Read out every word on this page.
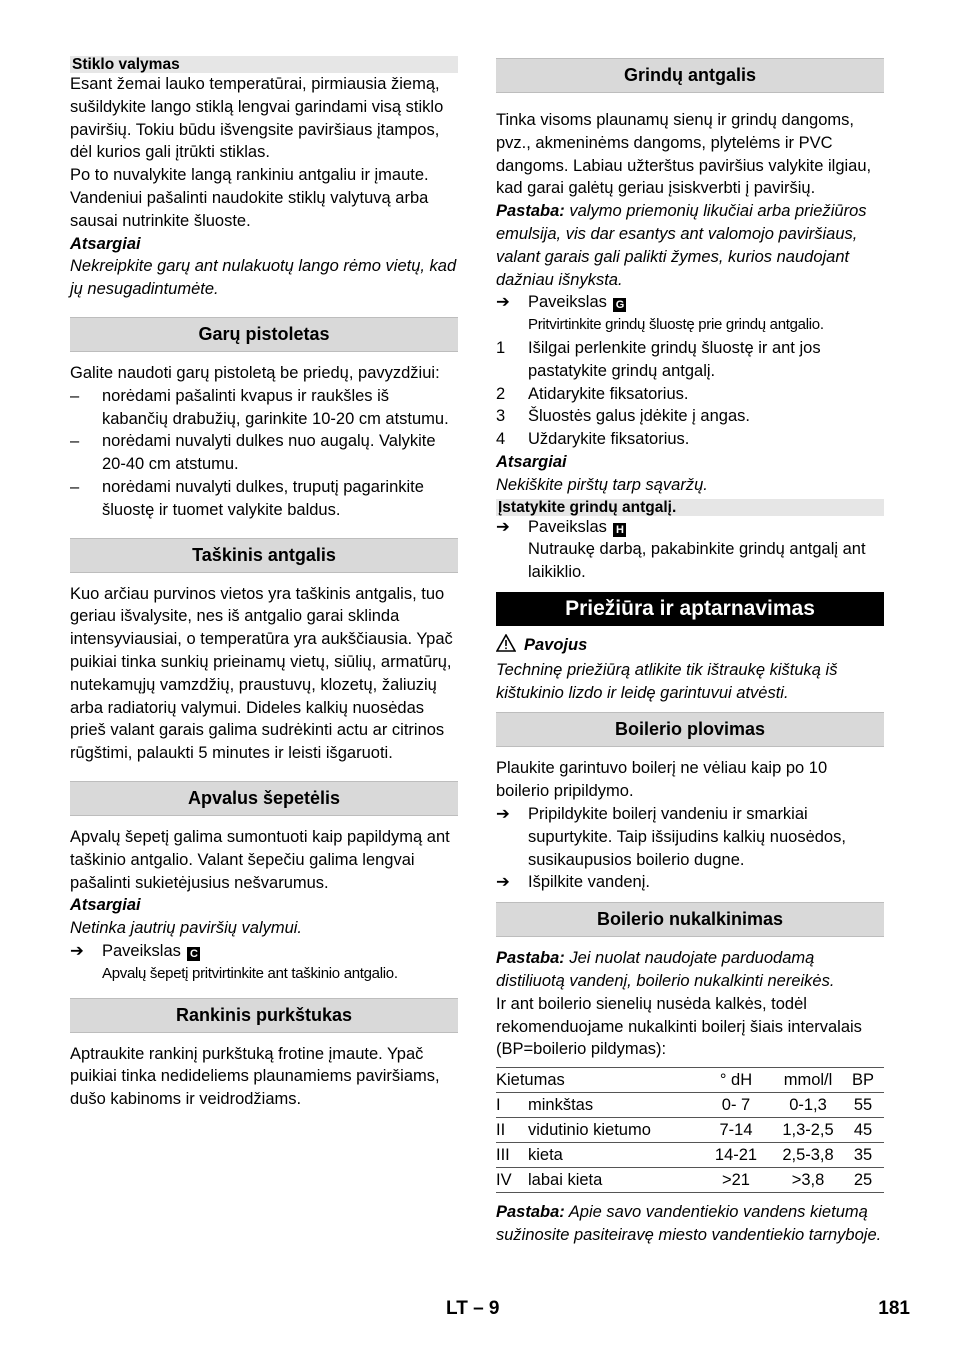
Stiklo valymas

Esant žemai lauko temperatūrai, pirmiausia žiemą, sušildykite lango stiklą lengvai garindami visą stiklo paviršių. Tokiu būdu išvengsite paviršiaus įtampos, dėl kurios gali įtrūkti stiklas.

Po to nuvalykite langą rankiniu antgaliu ir įmaute. Vandeniui pašalinti naudokite stiklų valytuvą arba sausai nutrinkite šluoste.

Atsargiai

Nekreipkite garų ant nulakuotų lango rėmo vietų, kad jų nesugadintumėte.

Garų pistoletas

Galite naudoti garų pistoletą be priedų, pavyzdžiui:

– norėdami pašalinti kvapus ir raukšles iš kabančių drabužių, garinkite 10-20 cm atstumu.
– norėdami nuvalyti dulkes nuo augalų. Valykite 20-40 cm atstumu.
– norėdami nuvalyti dulkes, truputį pagarinkite šluostę ir tuomet valykite baldus.
Taškinis antgalis

Kuo arčiau purvinos vietos yra taškinis antgalis, tuo geriau išvalysite, nes iš antgalio garai sklinda intensyviausiai, o temperatūra yra aukščiausia. Ypač puikiai tinka sunkių prieinamų vietų, siūlių, armatūrų, nutekamųjų vamzdžių, praustuvų, klozetų, žaliuzių arba radiatorių valymui. Dideles kalkių nuosėdas prieš valant garais galima sudrėkinti actu ar citrinos rūgštimi, palaukti 5 minutes ir leisti išgaruoti.

Apvalus šepetėlis

Apvalų šepetį galima sumontuoti kaip papildymą ant taškinio antgalio. Valant šepečiu galima lengvai pašalinti sukietėjusius nešvarumus.

Atsargiai

Netinka jautrių paviršių valymui.

➔ Paveikslas C
Apvalų šepetį pritvirtinkite ant taškinio antgalio.
Rankinis purkštukas

Aptraukite rankinį purkštuką frotine įmaute. Ypač puikiai tinka nedideliems plaunamiems paviršiams, dušo kabinoms ir veidrodžiams.

Grindų antgalis

Tinka visoms plaunamų sienų ir grindų dangoms, pvz., akmeninėms dangoms, plytelėms ir PVC dangoms. Labiau užterštus paviršius valykite ilgiau, kad garai galėtų geriau įsiskverbti į paviršių.

Pastaba: valymo priemonių likučiai arba priežiūros emulsija, vis dar esantys ant valomojo paviršiaus, valant garais gali palikti žymes, kurios naudojant dažniau išnyksta.

➔ Paveikslas G
Pritvirtinkite grindų šluostę prie grindų antgalio.
1 Išilgai perlenkite grindų šluostę ir ant jos pastatykite grindų antgalį.
2 Atidarykite fiksatorius.
3 Šluostės galus įdėkite į angas.
4 Uždarykite fiksatorius.

Atsargiai

Nekiškite pirštų tarp sąvaržų.

Įstatykite grindų antgalį.
➔ Paveikslas H
Nutraukę darbą, pakabinkite grindų antgalį ant laikiklio.
Priežiūra ir aptarnavimas

Pavojus

Techninę priežiūrą atlikite tik ištraukę kištuką iš kištukinio lizdo ir leidę garintuvui atvėsti.

Boilerio plovimas

Plaukite garintuvo boilerį ne vėliau kaip po 10 boilerio pripildymo.

➔ Pripildykite boilerį vandeniu ir smarkiai supurtykite. Taip išsijudins kalkių nuosėdos, susikaupusios boilerio dugne.
➔ Išpilkite vandenį.
Boilerio nukalkinimas

Pastaba: Jei nuolat naudojate parduodamą distiliuotą vandenį, boilerio nukalkinti nereikės.

Ir ant boilerio sienelių nusėda kalkės, todėl rekomenduojame nukalkinti boilerį šiais intervalais (BP=boilerio pildymas):

Kietumas		° dH	mmol/l	BP
I	minkštas	0- 7	0-1,3	55
II	vidutinio kietumo	7-14	1,3-2,5	45
III	kieta	14-21	2,5-3,8	35
IV	labai kieta	>21	>3,8	25

Pastaba: Apie savo vandentiekio vandens kietumą sužinosite pasiteiravę miesto vandentiekio tarnyboje.

LT – 9	181
